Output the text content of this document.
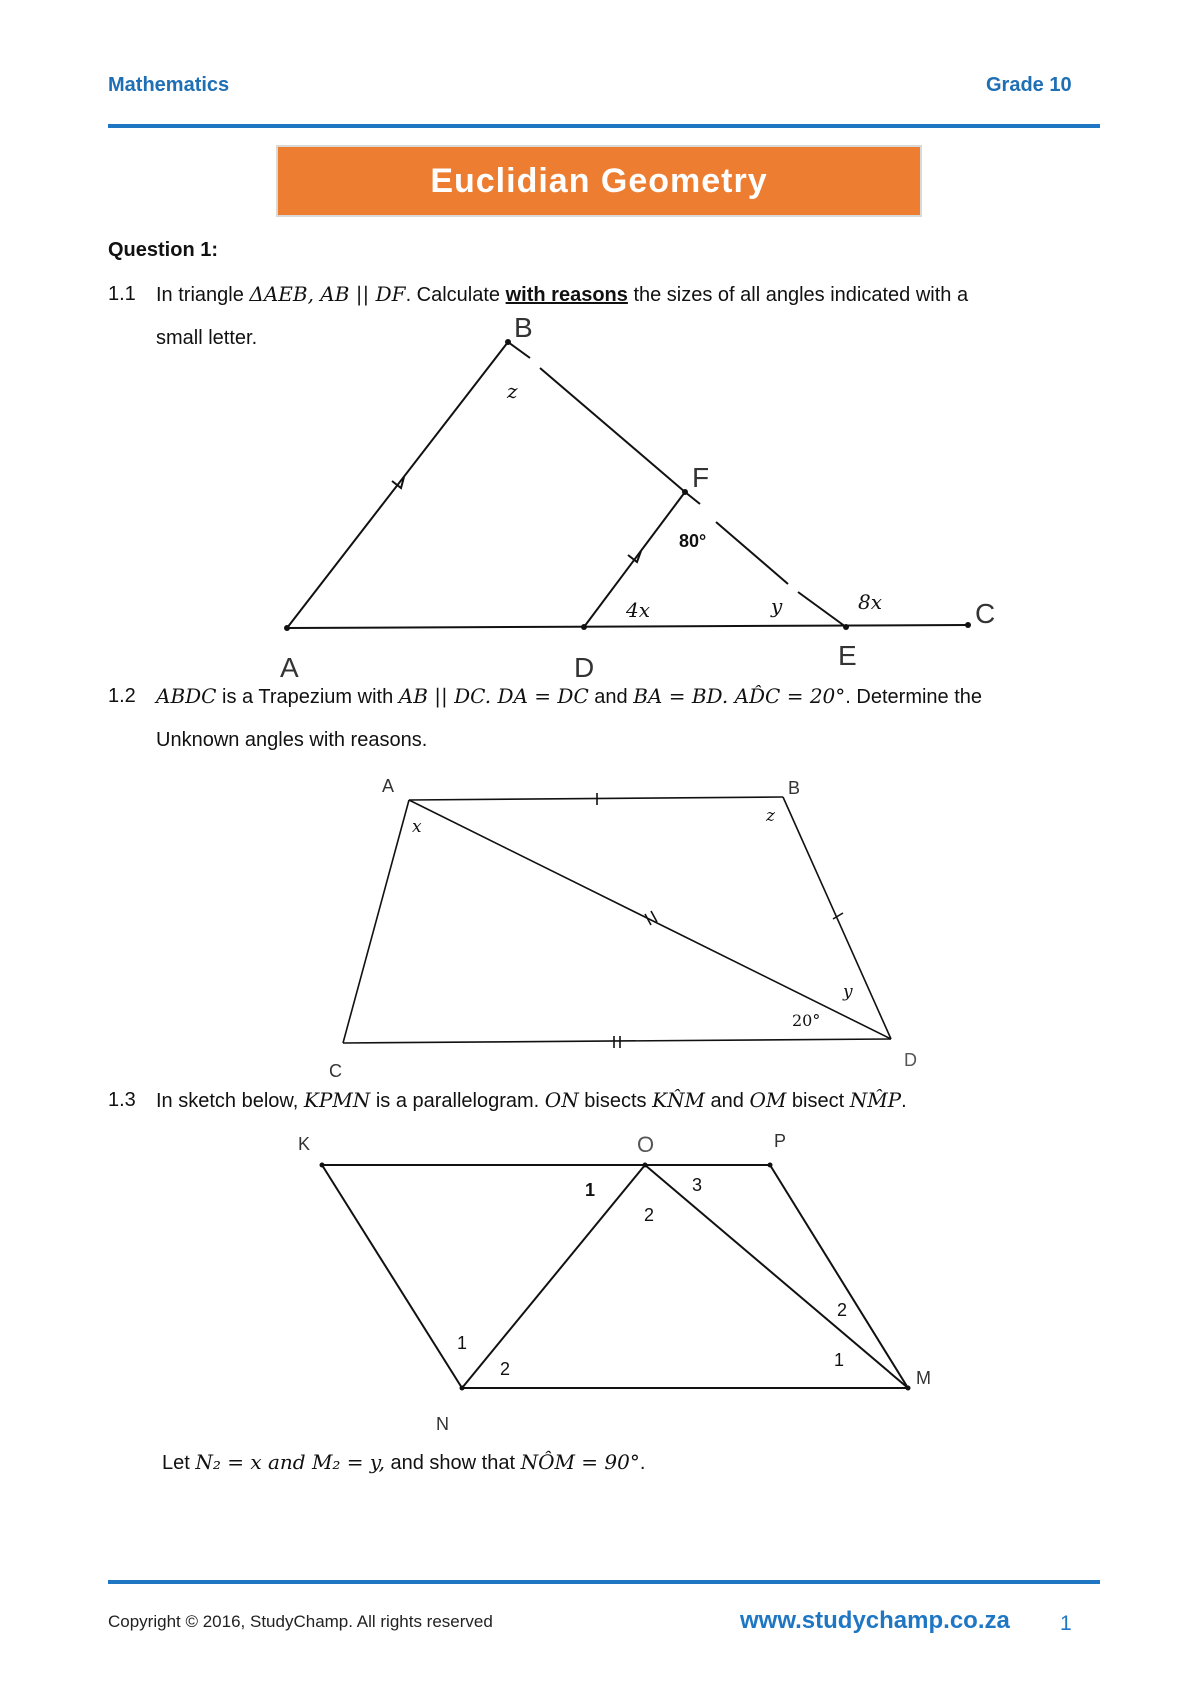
Mathematics	Grade 10
Euclidian Geometry
Question 1:
1.1 In triangle ΔAEB, AB || DF. Calculate with reasons the sizes of all angles indicated with a
small letter.
A
B
C
D	E
F
z
80°
4x	y	8x
1.2 ABDC is a Trapezium with AB || DC. DA = DC and BA = BD. AD̂C = 20°. Determine the
Unknown angles with reasons.
A	B
C
D
x
z
y
20°
1.3 In sketch below, KPMN is a parallelogram. ON bisects KN̂M and OM bisect NM̂P.
K	O	P
N
M
1
2
3
1
2	1
2
Let N₂ = x and M₂ = y, and show that NÔM = 90°.
Copyright © 2016, StudyChamp. All rights reserved	www.studychamp.co.za 1
